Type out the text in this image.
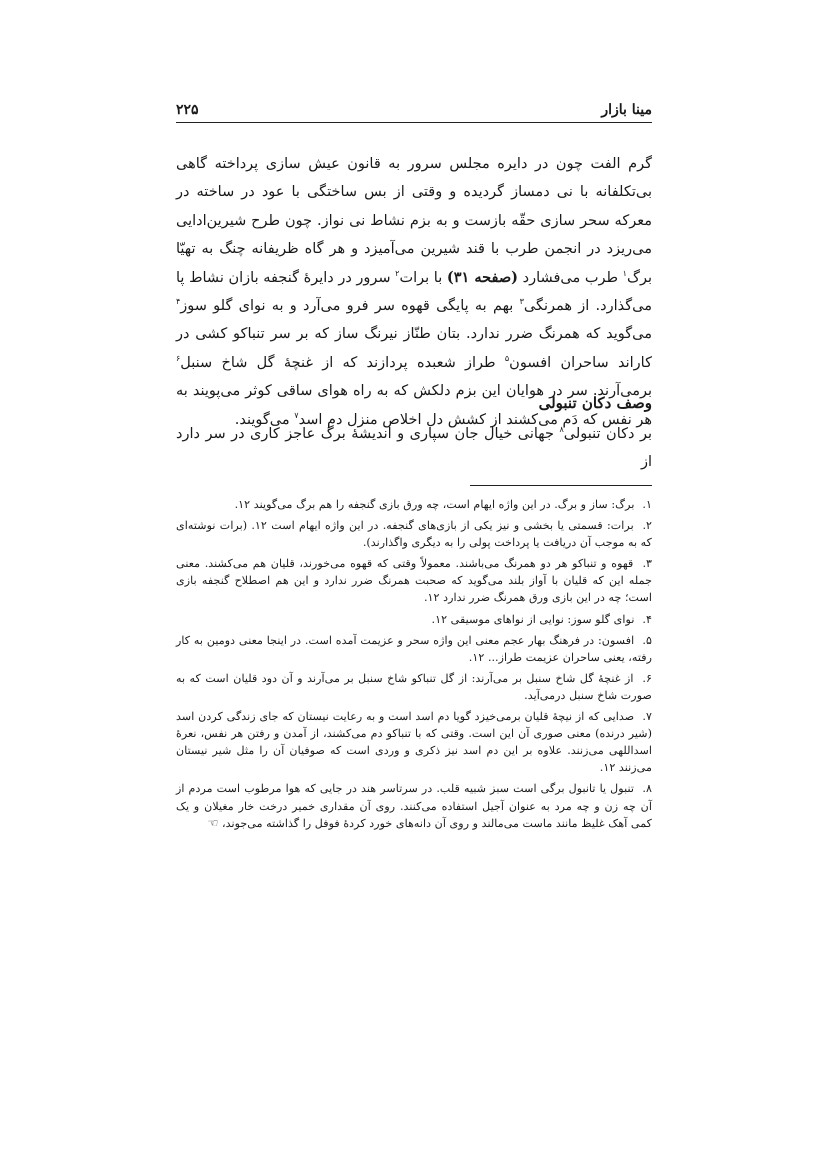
۲۲۵	مینا بازار
گرم الفت چون در دایره مجلس سرور به قانون عیش سازی پرداخته گاهی بی‌تکلفانه با نی دمساز گردیده و وقتی از بس ساختگی با عود در ساخته در معرکه سحر سازی حقّه بازست و به بزم نشاط نی نواز. چون طرح شیرین‌ادایی می‌ریزد در انجمن طرب با قند شیرین می‌آمیزد و هر گاه ظریفانه چنگ به تهیّا برگ$^۱$ طرب می‌فشارد (صفحه ۳۱) با برات$^۲$ سرور در دایرهٔ گنجفه بازان نشاط پا می‌گذارد. از همرنگی$^۳$ بهم به پایگی قهوه سر فرو می‌آرد و به نوای گلو سوز$^۴$ می‌گوید که همرنگ ضرر ندارد. بتان طنّاز نیرنگ ساز که بر سر تنباکو کشی در کاراند ساحران افسون$^۵$ طراز شعبده پردازند که از غنچهٔ گل شاخ سنبل$^۶$ برمی‌آرند. سر در هوایان این بزم دلکش که به راه هوای ساقی کوثر می‌پویند به هر نفس که دَم می‌کشند از کشش دل اخلاص منزل دم اسد$^۷$ می‌گویند.
وصف دکان تنبولی
بر دکان تنبولی$^۸$ جهانی خیال جان سپاری و اندیشهٔ برگ عاجز کاری در سر دارد از
۱. برگ: ساز و برگ. در این واژه ایهام است، چه ورق بازی گنجفه را هم برگ می‌گویند ۱۲.
۲. برات: قسمتی یا بخشی و نیز یکی از بازی‌های گنجفه. در این واژه ایهام است ۱۲. (برات نوشته‌ای که به موجب آن دریافت یا پرداخت پولی را به دیگری واگذارند).
۳. قهوه و تنباکو هر دو همرنگ می‌باشند. معمولاً وقتی که قهوه می‌خورند، قلیان هم می‌کشند. معنی جمله این که قلیان با آواز بلند می‌گوید که صحبت همرنگ ضرر ندارد و این هم اصطلاح گنجفه بازی است؛ چه در این بازی ورق همرنگ ضرر ندارد ۱۲.
۴. نوای گلو سوز: نوایی از نواهای موسیقی ۱۲.
۵. افسون: در فرهنگ بهار عجم معنی این واژه سحر و عزیمت آمده است. در اینجا معنی دومین به کار رفته، یعنی ساحران عزیمت طراز... ۱۲.
۶. از غنچهٔ گل شاخ سنبل بر می‌آرند: از گل تنباکو شاخ سنبل بر می‌آرند و آن دود قلیان است که به صورت شاخ سنبل درمی‌آید.
۷. صدایی که از نیچهٔ قلیان برمی‌خیزد گویا دم اسد است و به رعایت نیستان که جای زندگی کردن اسد (شیر درنده) معنی صوری آن این است. وقتی که با تنباکو دم می‌کشند، از آمدن و رفتن هر نفس، نعرهٔ اسداللهی می‌زنند. علاوه بر این دم اسد نیز ذکری و وردی است که صوفیان آن را مثل شیر نیستان می‌زنند ۱۲.
۸. تنبول یا تانبول برگی است سبز شبیه قلب. در سرتاسر هند در جایی که هوا مرطوب است مردم از آن چه زن و چه مرد به عنوان آجیل استفاده می‌کنند. روی آن مقداری خمیر درخت خار مغیلان و یک کمی آهک غلیظ مانند ماست می‌مالند و روی آن دانه‌های خورد کردهٔ فوفل را گذاشته می‌جوند، ☜
